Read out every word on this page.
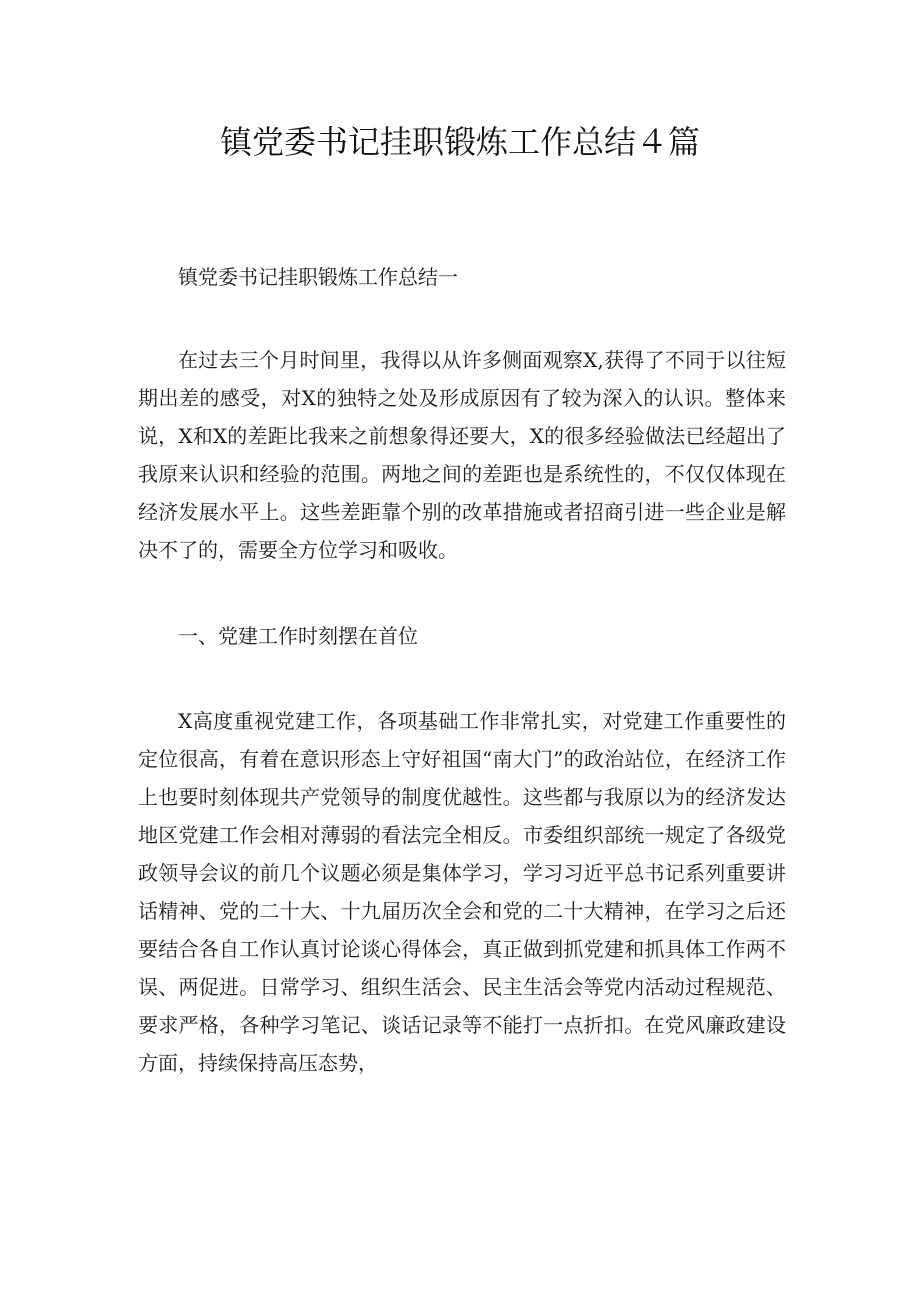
镇党委书记挂职锻炼工作总结４篇

镇党委书记挂职锻炼工作总结一

在过去三个月时间里，我得以从许多侧面观察X,获得了不同于以往短期出差的感受，对X的独特之处及形成原因有了较为深入的认识。整体来说，X和X的差距比我来之前想象得还要大，X的很多经验做法已经超出了我原来认识和经验的范围。两地之间的差距也是系统性的，不仅仅体现在经济发展水平上。这些差距靠个别的改革措施或者招商引进一些企业是解决不了的，需要全方位学习和吸收。

一、党建工作时刻摆在首位

X高度重视党建工作，各项基础工作非常扎实，对党建工作重要性的定位很高，有着在意识形态上守好祖国“南大门”的政治站位，在经济工作上也要时刻体现共产党领导的制度优越性。这些都与我原以为的经济发达地区党建工作会相对薄弱的看法完全相反。市委组织部统一规定了各级党政领导会议的前几个议题必须是集体学习，学习习近平总书记系列重要讲话精神、党的二十大、十九届历次全会和党的二十大精神，在学习之后还要结合各自工作认真讨论谈心得体会，真正做到抓党建和抓具体工作两不误、两促进。日常学习、组织生活会、民主生活会等党内活动过程规范、要求严格，各种学习笔记、谈话记录等不能打一点折扣。在党风廉政建设方面，持续保持高压态势，
